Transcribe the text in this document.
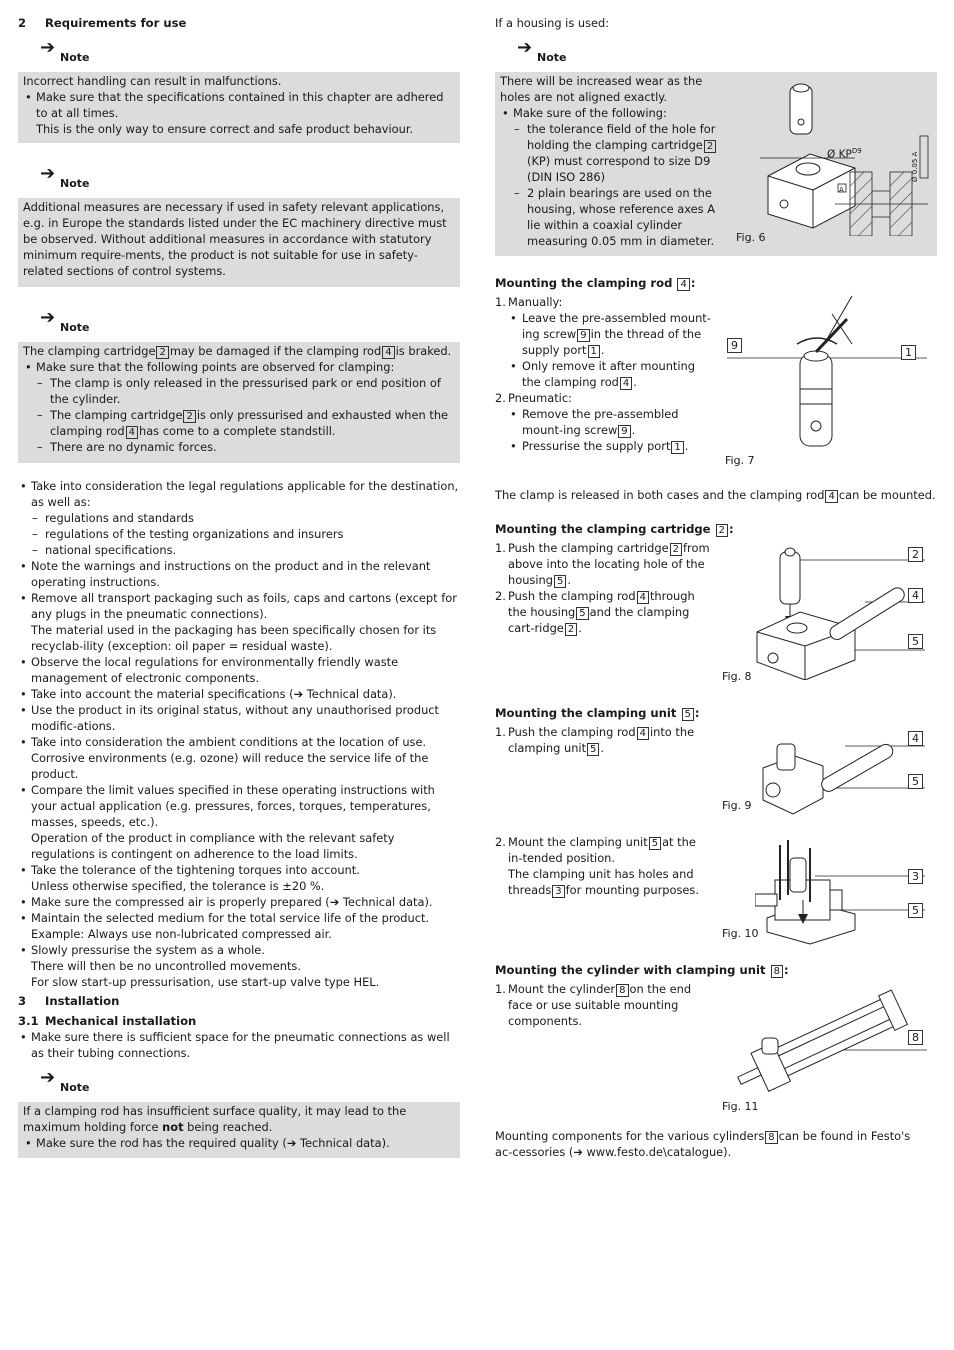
2 Requirements for use
➔ Note
Incorrect handling can result in malfunctions.
• Make sure that the specifications contained in this chapter are adhered to at all times.
This is the only way to ensure correct and safe product behaviour.
➔ Note
Additional measures are necessary if used in safety relevant applications, e.g. in Europe the standards listed under the EC machinery directive must be observed. Without additional measures in accordance with statutory minimum require-ments, the product is not suitable for use in safety-related sections of control systems.
➔ Note
The clamping cartridge 2 may be damaged if the clamping rod 4 is braked.
• Make sure that the following points are observed for clamping:
– The clamp is only released in the pressurised park or end position of the cylinder.
– The clamping cartridge 2 is only pressurised and exhausted when the clamping rod 4 has come to a complete standstill.
– There are no dynamic forces.
• Take into consideration the legal regulations applicable for the destination, as well as:
– regulations and standards
– regulations of the testing organizations and insurers
– national specifications.
• Note the warnings and instructions on the product and in the relevant operating instructions.
• Remove all transport packaging such as foils, caps and cartons (except for any plugs in the pneumatic connections).
The material used in the packaging has been specifically chosen for its recyclab-ility (exception: oil paper = residual waste).
• Observe the local regulations for environmentally friendly waste management of electronic components.
• Take into account the material specifications (➔ Technical data).
• Use the product in its original status, without any unauthorised product modific-ations.
• Take into consideration the ambient conditions at the location of use.
Corrosive environments (e.g. ozone) will reduce the service life of the product.
• Compare the limit values specified in these operating instructions with your actual application (e.g. pressures, forces, torques, temperatures, masses, speeds, etc.).
Operation of the product in compliance with the relevant safety regulations is contingent on adherence to the load limits.
• Take the tolerance of the tightening torques into account.
Unless otherwise specified, the tolerance is ±20 %.
• Make sure the compressed air is properly prepared (➔ Technical data).
• Maintain the selected medium for the total service life of the product. Example: Always use non-lubricated compressed air.
• Slowly pressurise the system as a whole.
There will then be no uncontrolled movements.
For slow start-up pressurisation, use start-up valve type HEL.
3 Installation
3.1 Mechanical installation
• Make sure there is sufficient space for the pneumatic connections as well as their tubing connections.
➔ Note
If a clamping rod has insufficient surface quality, it may lead to the maximum holding force not being reached.
• Make sure the rod has the required quality (➔ Technical data).
If a housing is used:
➔ Note
There will be increased wear as the holes are not aligned exactly.
• Make sure of the following:
– the tolerance field of the hole for holding the clamping cartridge 2(KP) must correspond to size D9 (DIN ISO 286)
– 2 plain bearings are used on the housing, whose reference axes A lie within a coaxial cylinder measuring 0.05 mm in diameter.	Fig. 6
Ø $KP^{D9}$
Ø 0.05 A
A
Mounting the clamping rod 4 :
1. Manually:
• Leave the pre-assembled mount-ing screw 9 in the thread of the supply port 1 .
• Only remove it after mounting the clamping rod 4 .
2. Pneumatic:
• Remove the pre-assembled mount-ing screw 9 .
• Pressurise the supply port 1 .
9
1
Fig. 7
The clamp is released in both cases and the clamping rod 4 can be mounted.
Mounting the clamping cartridge 2 :
1. Push the clamping cartridge 2 from above into the locating hole of the housing 5 .
2. Push the clamping rod 4 through the housing 5 and the clamping cart-ridge 2 .
2
4
5
Fig. 8
Mounting the clamping unit 5 :
1. Push the clamping rod 4 into the clamping unit 5 .
4
5
Fig. 9
2. Mount the clamping unit 5 at the in-tended position.
The clamping unit has holes and threads 3 for mounting purposes.
3
5
Fig. 10
Mounting the cylinder with clamping unit 8 :
1. Mount the cylinder 8 on the end face or use suitable mounting components.
8
Fig. 11
Mounting components for the various cylinders 8 can be found in Festo's ac-cessories (➔ www.festo.de\catalogue).
